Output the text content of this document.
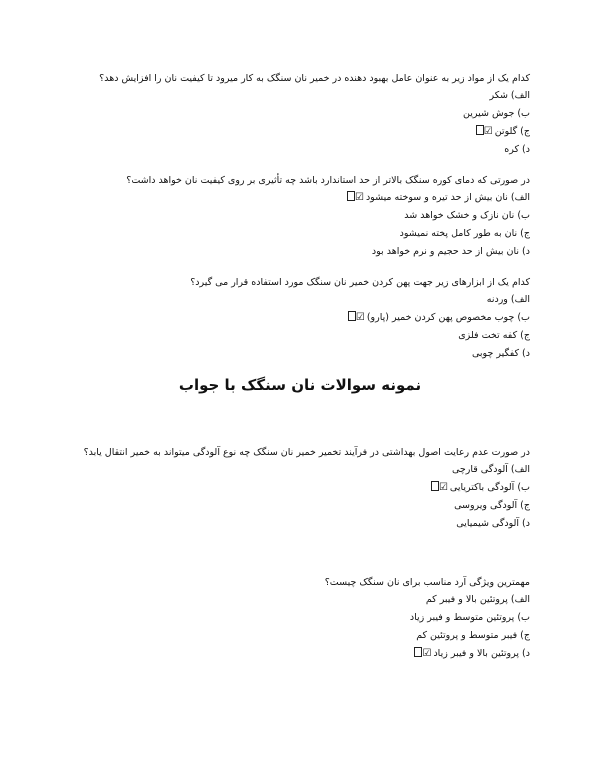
کدام یک از مواد زیر به عنوان عامل بهبود دهنده در خمیر نان سنگک به کار میرود تا کیفیت نان را افزایش دهد؟
الف) شکر
ب) جوش شیرین
ج) گلوتن☑
د) کره
در صورتی که دمای کوره سنگک بالاتر از حد استاندارد باشد چه تأثیری بر روی کیفیت نان خواهد داشت؟
الف) نان بیش از حد تیره و سوخته میشود☑
ب) نان نازک و خشک خواهد شد
ج) نان به طور کامل پخته نمیشود
د) نان بیش از حد حجیم و نرم خواهد بود
کدام یک از ابزارهای زیر جهت پهن کردن خمیر نان سنگک مورد استفاده قرار می گیرد؟
الف) وردنه
ب) چوب مخصوص پهن کردن خمیر (پارو)☑
ج) کفه تخت فلزی
د) کفگیر چوبی
نمونه سوالات نان سنگک با جواب
در صورت عدم رعایت اصول بهداشتی در فرآیند تخمیر خمیر نان سنگک چه نوع آلودگی میتواند به خمیر انتقال یابد؟
الف) آلودگی قارچی
ب) آلودگی باکتریایی☑
ج) آلودگی ویروسی
د) آلودگی شیمیایی
مهمترین ویژگی آرد مناسب برای نان سنگک چیست؟
الف) پروتئین بالا و فیبر کم
ب) پروتئین متوسط و فیبر زیاد
ج) فیبر متوسط و پروتئین کم
د) پروتئین بالا و فیبر زیاد☑
